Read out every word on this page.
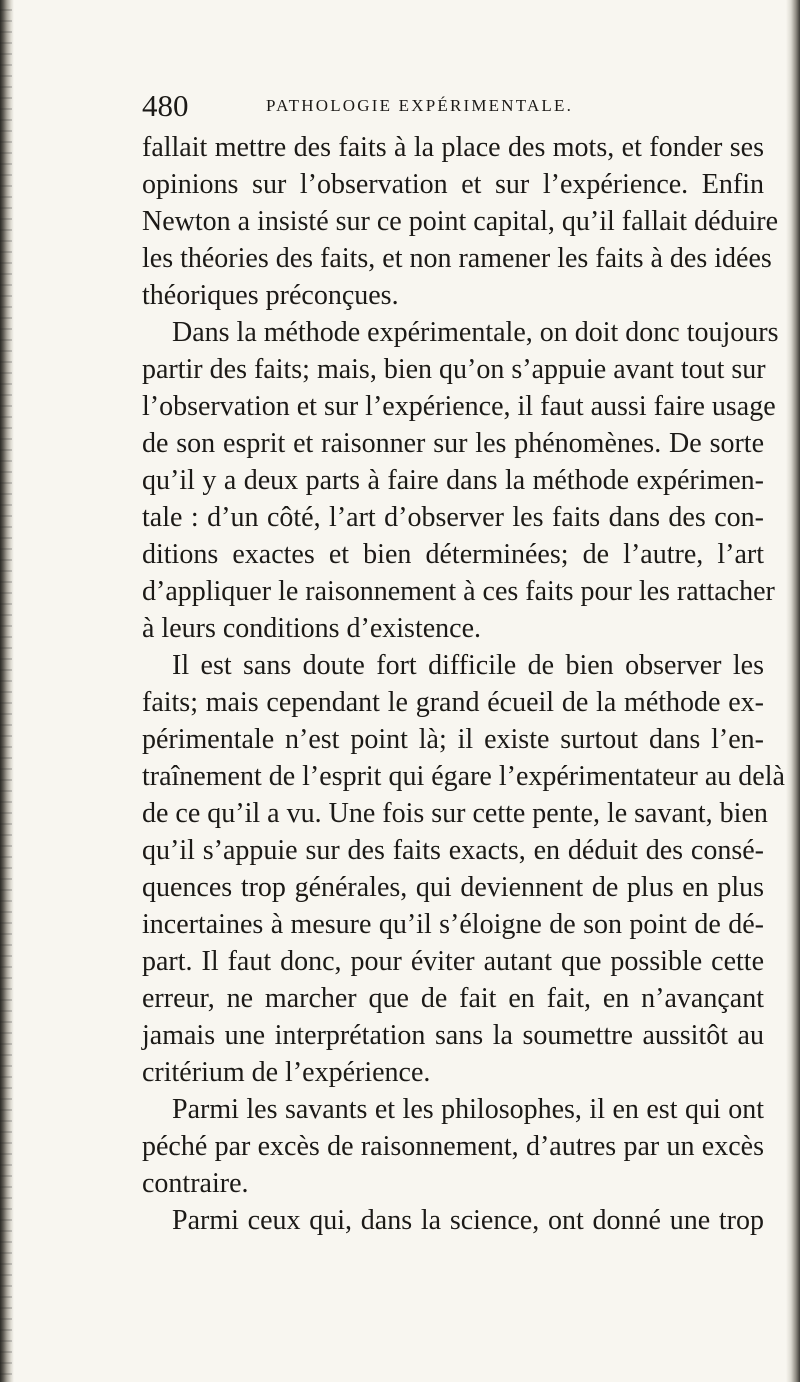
480	PATHOLOGIE EXPÉRIMENTALE.
fallait mettre des faits à la place des mots, et fonder ses
opinions sur l’observation et sur l’expérience. Enfin
Newton a insisté sur ce point capital, qu’il fallait déduire
les théories des faits, et non ramener les faits à des idées
théoriques préconçues.
Dans la méthode expérimentale, on doit donc toujours
partir des faits; mais, bien qu’on s’appuie avant tout sur
l’observation et sur l’expérience, il faut aussi faire usage
de son esprit et raisonner sur les phénomènes. De sorte
qu’il y a deux parts à faire dans la méthode expérimen-
tale : d’un côté, l’art d’observer les faits dans des con-
ditions exactes et bien déterminées; de l’autre, l’art
d’appliquer le raisonnement à ces faits pour les rattacher
à leurs conditions d’existence.
Il est sans doute fort difficile de bien observer les
faits; mais cependant le grand écueil de la méthode ex-
périmentale n’est point là; il existe surtout dans l’en-
traînement de l’esprit qui égare l’expérimentateur au delà
de ce qu’il a vu. Une fois sur cette pente, le savant, bien
qu’il s’appuie sur des faits exacts, en déduit des consé-
quences trop générales, qui deviennent de plus en plus
incertaines à mesure qu’il s’éloigne de son point de dé-
part. Il faut donc, pour éviter autant que possible cette
erreur, ne marcher que de fait en fait, en n’avançant
jamais une interprétation sans la soumettre aussitôt au
critérium de l’expérience.
Parmi les savants et les philosophes, il en est qui ont
péché par excès de raisonnement, d’autres par un excès
contraire.
Parmi ceux qui, dans la science, ont donné une trop
